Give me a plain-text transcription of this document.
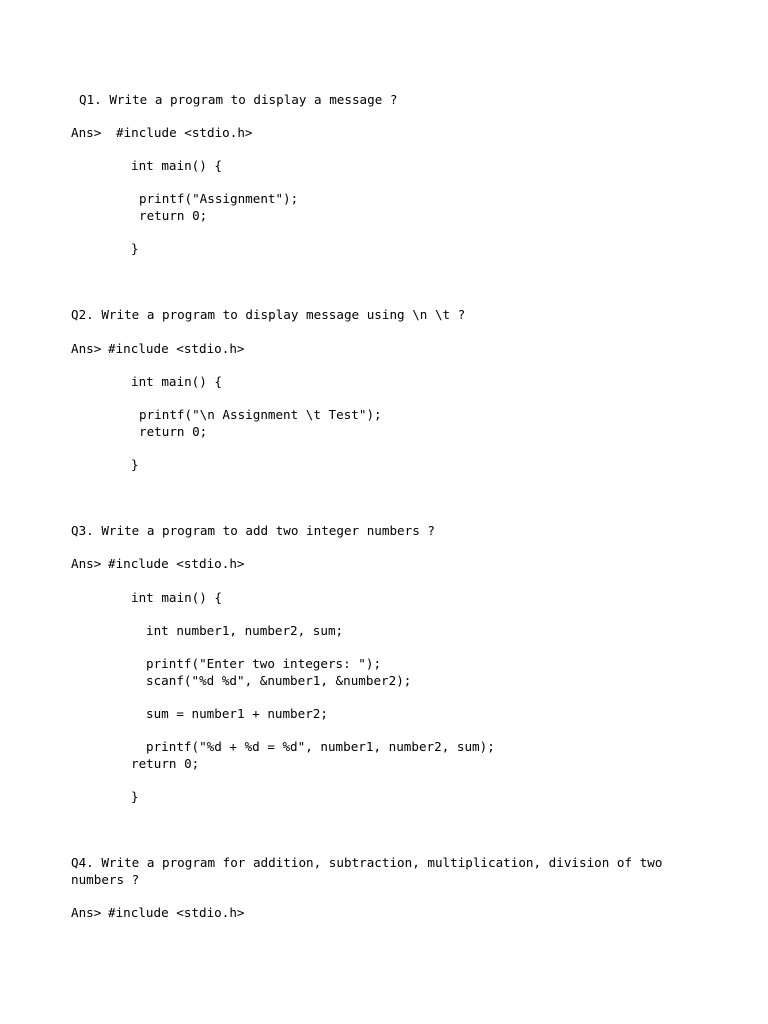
Q1. Write a program to display a message ?

Ans> #include <stdio.h>

int main() {

printf("Assignment");

return 0;

}

Q2. Write a program to display message using \n \t ?

Ans> #include <stdio.h>

int main() {

printf("\n Assignment \t Test");

return 0;

}

Q3. Write a program to add two integer numbers ?

Ans> #include <stdio.h>

int main() {

int number1, number2, sum;

printf("Enter two integers: ");

scanf("%d %d", &number1, &number2);

sum = number1 + number2;

printf("%d + %d = %d", number1, number2, sum);

return 0;

}

Q4. Write a program for addition, subtraction, multiplication, division of two

numbers ?

Ans> #include <stdio.h>
